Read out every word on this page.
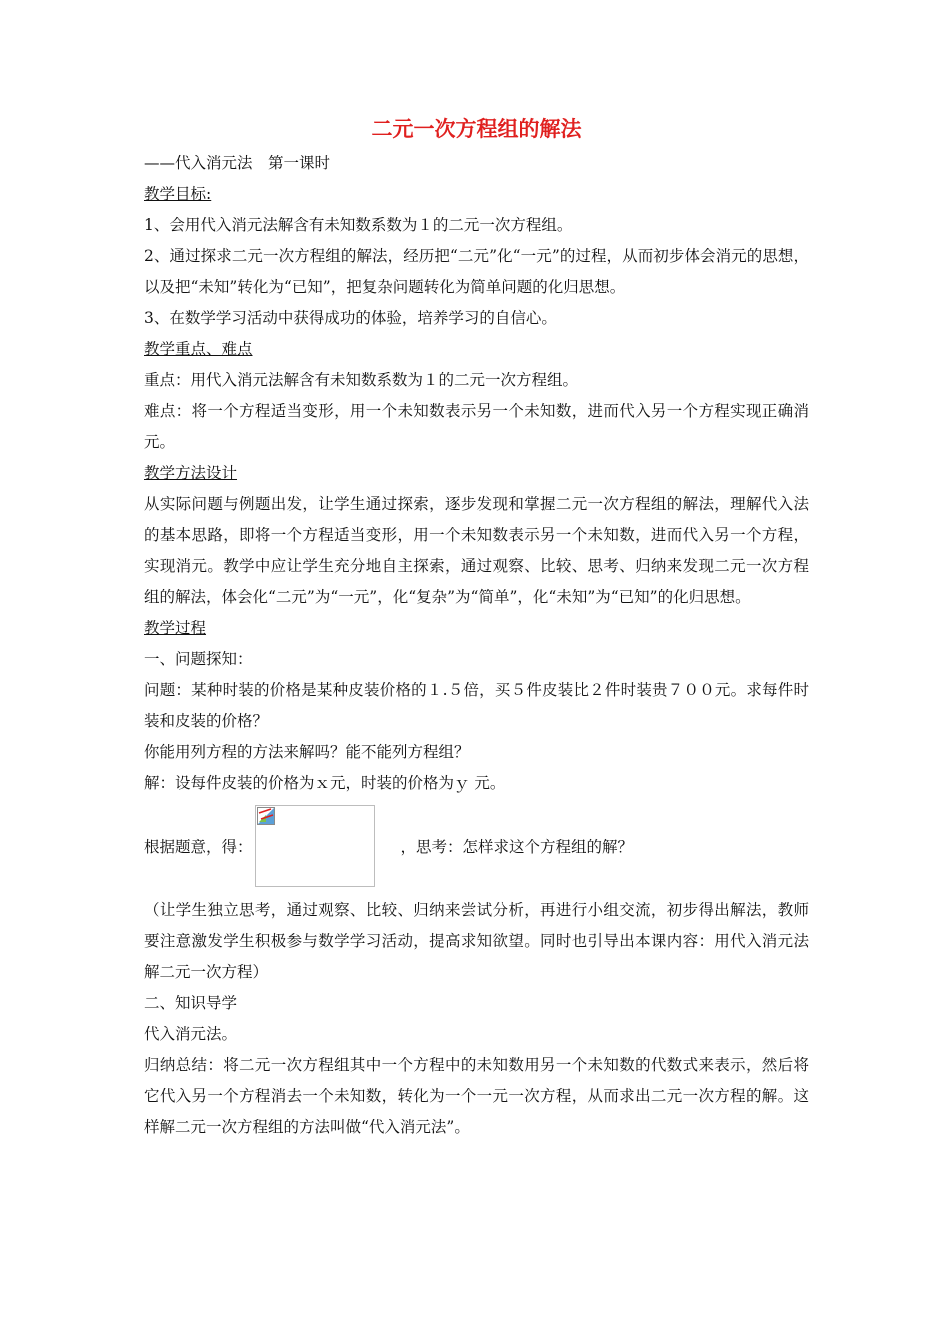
二元一次方程组的解法

——代入消元法　第一课时

教学目标:

1、会用代入消元法解含有未知数系数为１的二元一次方程组。

2、通过探求二元一次方程组的解法，经历把“二元”化“一元”的过程，从而初步体会消元的思想，以及把“未知”转化为“已知”，把复杂问题转化为简单问题的化归思想。

3、在数学学习活动中获得成功的体验，培养学习的自信心。

教学重点、难点

重点：用代入消元法解含有未知数系数为１的二元一次方程组。

难点：将一个方程适当变形，用一个未知数表示另一个未知数，进而代入另一个方程实现正确消元。

教学方法设计

从实际问题与例题出发，让学生通过探索，逐步发现和掌握二元一次方程组的解法，理解代入法的基本思路，即将一个方程适当变形，用一个未知数表示另一个未知数，进而代入另一个方程，实现消元。教学中应让学生充分地自主探索，通过观察、比较、思考、归纳来发现二元一次方程组的解法，体会化“二元”为“一元”，化“复杂”为“简单”，化“未知”为“已知”的化归思想。

教学过程

一、问题探知：

问题：某种时装的价格是某种皮装价格的１.５倍，买５件皮装比２件时装贵７００元。求每件时装和皮装的价格？

你能用列方程的方法来解吗？能不能列方程组？

解：设每件皮装的价格为ｘ元，时装的价格为ｙ 元。

根据题意，得：	，思考：怎样求这个方程组的解？

（让学生独立思考，通过观察、比较、归纳来尝试分析，再进行小组交流，初步得出解法，教师要注意激发学生积极参与数学学习活动，提高求知欲望。同时也引导出本课内容：用代入消元法解二元一次方程）

二、知识导学

代入消元法。

归纳总结：将二元一次方程组其中一个方程中的未知数用另一个未知数的代数式来表示，然后将它代入另一个方程消去一个未知数，转化为一个一元一次方程，从而求出二元一次方程的解。这样解二元一次方程组的方法叫做“代入消元法”。
